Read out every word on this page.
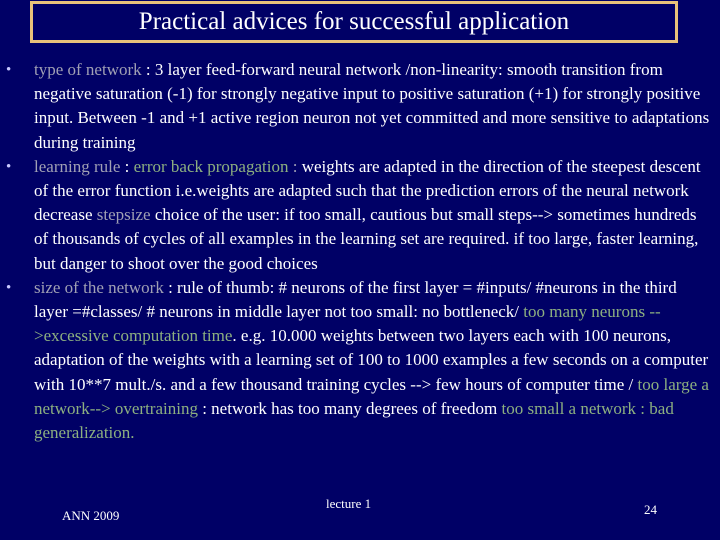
Practical advices for successful application
•	type of network : 3 layer feed-forward neural network /non-linearity: smooth transition from negative saturation (-1) for strongly negative input to positive saturation (+1) for strongly positive input. Between -1 and +1 active region neuron not yet committed and more sensitive to adaptations during training
•	learning rule : error back propagation : weights are adapted in the direction of the steepest descent of the error function i.e.weights are adapted such that the prediction errors of the neural network decrease stepsize choice of the user: if too small, cautious but small steps--> sometimes hundreds of thousands of cycles of all examples in the learning set are required. if too large, faster learning, but danger to shoot over the good choices
•	size of the network : rule of thumb: # neurons of the first layer = #inputs/ #neurons in the third layer =#classes/ # neurons in middle layer not too small: no bottleneck/ too many neurons -->excessive computation time. e.g. 10.000 weights between two layers each with 100 neurons, adaptation of the weights with a learning set of 100 to 1000 examples a few seconds on a computer with 10**7 mult./s. and a few thousand training cycles --> few hours of computer time / too large a network--> overtraining : network has too many degrees of freedom too small a network : bad generalization.
ANN 2009
lecture 1	24
